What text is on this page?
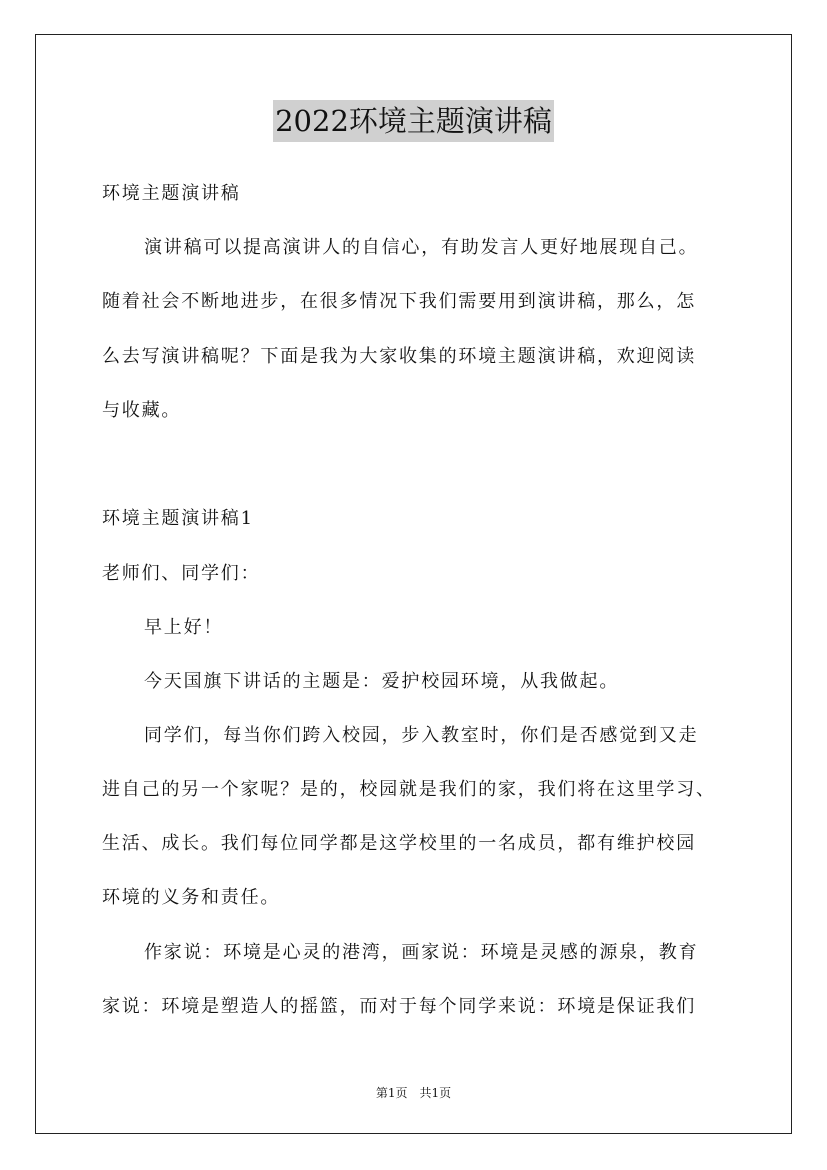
2022环境主题演讲稿
环境主题演讲稿
演讲稿可以提高演讲人的自信心，有助发言人更好地展现自己。
随着社会不断地进步，在很多情况下我们需要用到演讲稿，那么，怎
么去写演讲稿呢？下面是我为大家收集的环境主题演讲稿，欢迎阅读
与收藏。
环境主题演讲稿1
老师们、同学们：
早上好！
今天国旗下讲话的主题是：爱护校园环境，从我做起。
同学们，每当你们跨入校园，步入教室时，你们是否感觉到又走
进自己的另一个家呢？是的，校园就是我们的家，我们将在这里学习、
生活、成长。我们每位同学都是这学校里的一名成员，都有维护校园
环境的义务和责任。
作家说：环境是心灵的港湾，画家说：环境是灵感的源泉，教育
家说：环境是塑造人的摇篮，而对于每个同学来说：环境是保证我们
第1页　共1页
